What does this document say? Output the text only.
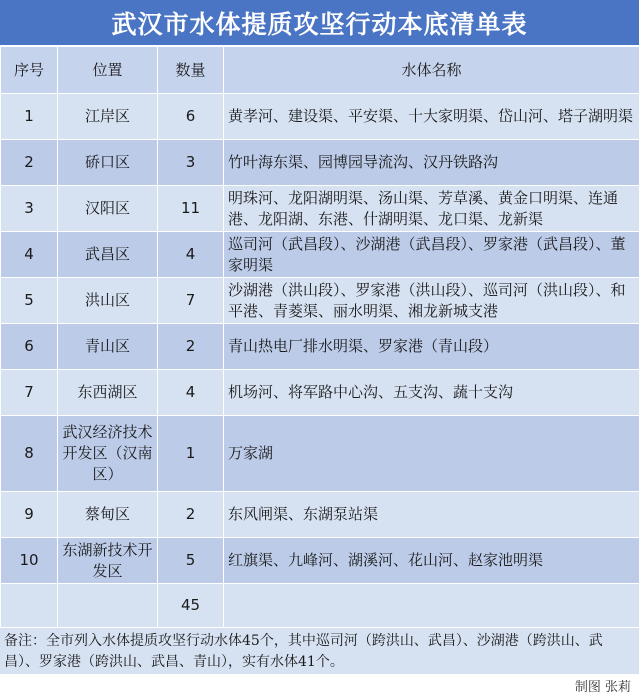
武汉市水体提质攻坚行动本底清单表
序号	位置	数量	水体名称
1	江岸区	6	黄孝河、建设渠、平安渠、十大家明渠、岱山河、塔子湖明渠
2	硚口区	3	竹叶海东渠、园博园导流沟、汉丹铁路沟
3	汉阳区	11	明珠河、龙阳湖明渠、汤山渠、芳草溪、黄金口明渠、连通港、龙阳湖、东港、什湖明渠、龙口渠、龙新渠
4	武昌区	4	巡司河（武昌段）、沙湖港（武昌段）、罗家港（武昌段）、董家明渠
5	洪山区	7	沙湖港（洪山段）、罗家港（洪山段）、巡司河（洪山段）、和平港、青菱渠、丽水明渠、湘龙新城支港
6	青山区	2	青山热电厂排水明渠、罗家港（青山段）
7	东西湖区	4	机场河、将军路中心沟、五支沟、蔬十支沟
8	武汉经济技术开发区（汉南区）	1	万家湖
9	蔡甸区	2	东风闸渠、东湖泵站渠
10	东湖新技术开发区	5	红旗渠、九峰河、湖溪河、花山河、赵家池明渠
		45	
备注：全市列入水体提质攻坚行动水体45个，其中巡司河（跨洪山、武昌）、沙湖港（跨洪山、武昌）、罗家港（跨洪山、武昌、青山），实有水体41个。
制图 张莉
